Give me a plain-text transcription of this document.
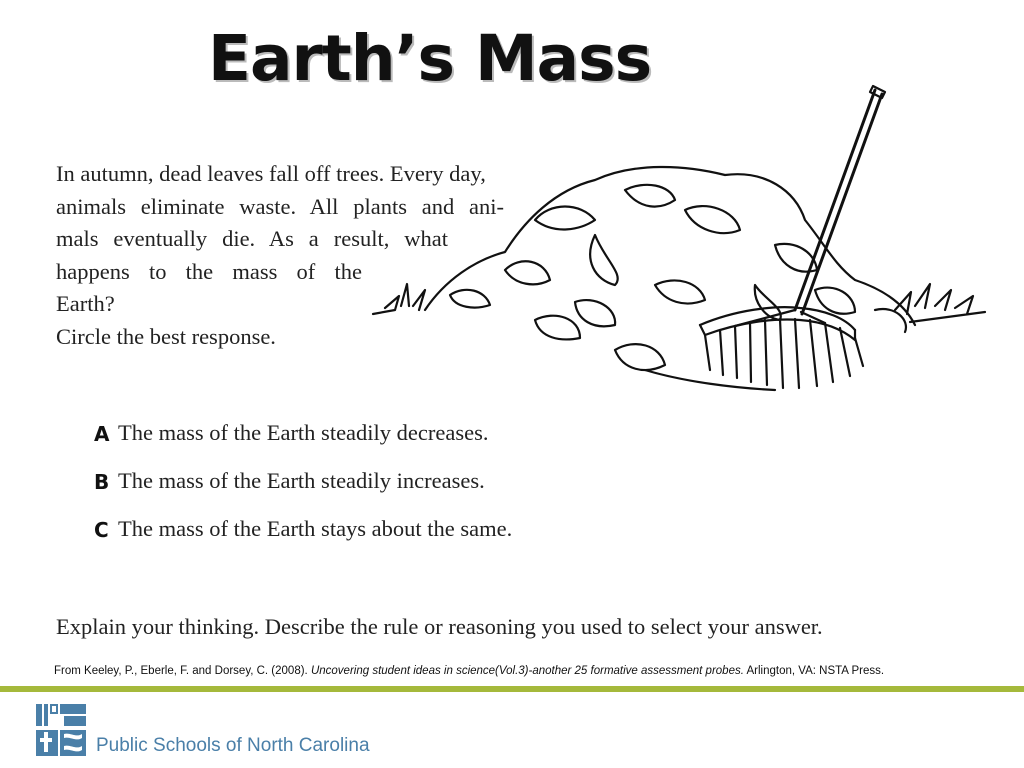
Earth’s Mass
In autumn, dead leaves fall off trees. Every day,
animals eliminate waste. All plants and ani-
mals eventually die. As a result, what
happens to the mass of the
Earth?
Circle the best response.
A The mass of the Earth steadily decreases.
B The mass of the Earth steadily increases.
C The mass of the Earth stays about the same.
Explain your thinking. Describe the rule or reasoning you used to select your answer.
From Keeley, P., Eberle, F. and Dorsey, C. (2008). Uncovering student ideas in science(Vol.3)-another 25 formative assessment probes. Arlington, VA: NSTA Press.
Public Schools of North Carolina
